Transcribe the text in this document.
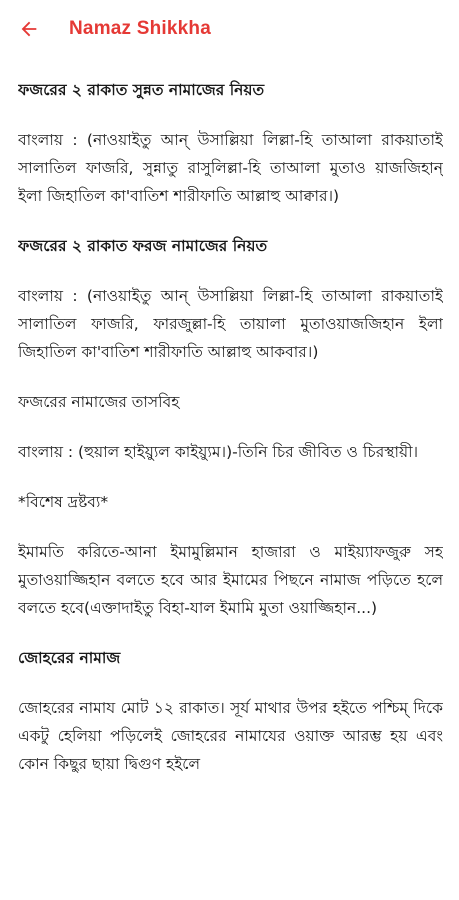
Namaz Shikkha
ফজরের ২ রাকাত সুন্নত নামাজের নিয়ত
বাংলায় : (নাওয়াইতু আন্ উসাল্লিয়া লিল্লা-হি তাআলা রাকয়াতাই সালাতিল ফাজরি, সুন্নাতু রাসুলিল্লা-হি তাআলা মুতাও য়াজজিহান্ ইলা জিহাতিল কা'বাতিশ শারীফাতি আল্লাহু আক্বার।)
ফজরের ২ রাকাত ফরজ নামাজের নিয়ত
বাংলায় : (নাওয়াইতু আন্ উসাল্লিয়া লিল্লা-হি তাআলা রাকয়াতাই সালাতিল ফাজরি, ফারজুল্লা-হি তায়ালা মুতাওয়াজজিহান ইলা জিহাতিল কা'বাতিশ শারীফাতি আল্লাহু আকবার।)
ফজরের নামাজের তাসবিহ
বাংলায় : (হুয়াল হাইয়্যুল কাইয়্যুম।)-তিনি চির জীবিত ও চিরস্থায়ী।
*বিশেষ দ্রষ্টব্য*
ইমামতি করিতে-আনা ইমামুল্লিমান হাজারা ও মাইয়্যাফজুরু সহ মুতাওয়াজ্জিহান বলতে হবে আর ইমামের পিছনে নামাজ পড়িতে হলে বলতে হবে(এক্তাদাইতু বিহা-যাল ইমামি মুতা ওয়াজ্জিহান...)
জোহরের নামাজ
জোহরের নামায মোট ১২ রাকাত। সূর্য মাথার উপর হইতে পশ্চিম্ দিকে একটু হেলিয়া পড়িলেই জোহরের নামাযের ওয়াক্ত আরম্ভ হয় এবং কোন কিছুর ছায়া দ্বিগুণ হইলে
